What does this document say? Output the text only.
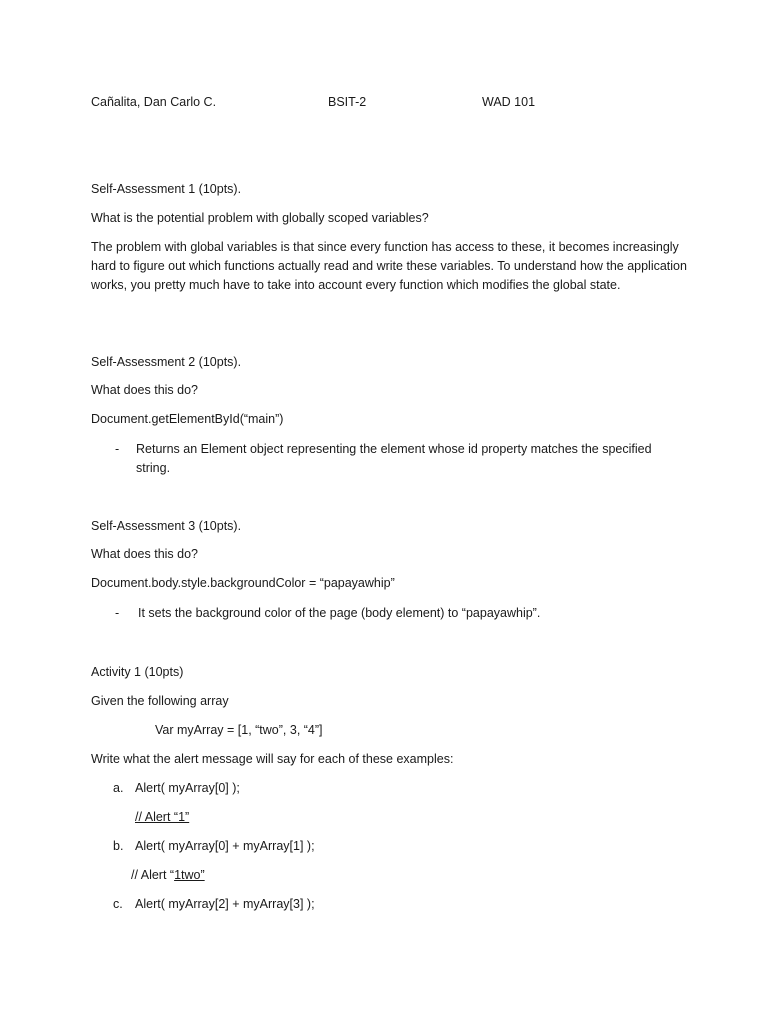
Cañalita, Dan Carlo C.	BSIT-2	WAD 101
Self-Assessment 1 (10pts).
What is the potential problem with globally scoped variables?
The problem with global variables is that since every function has access to these, it becomes increasingly hard to figure out which functions actually read and write these variables. To understand how the application works, you pretty much have to take into account every function which modifies the global state.
Self-Assessment 2 (10pts).
What does this do?
Document.getElementById(“main”)
- Returns an Element object representing the element whose id property matches the specified string.
Self-Assessment 3 (10pts).
What does this do?
Document.body.style.backgroundColor = “papayawhip”
- It sets the background color of the page (body element) to “papayawhip”.
Activity 1 (10pts)
Given the following array
Var myArray = [1, “two”, 3, “4”]
Write what the alert message will say for each of these examples:
a. Alert( myArray[0] );
// Alert “1”
b. Alert( myArray[0] + myArray[1] );
// Alert “1two”
c. Alert( myArray[2] + myArray[3] );
